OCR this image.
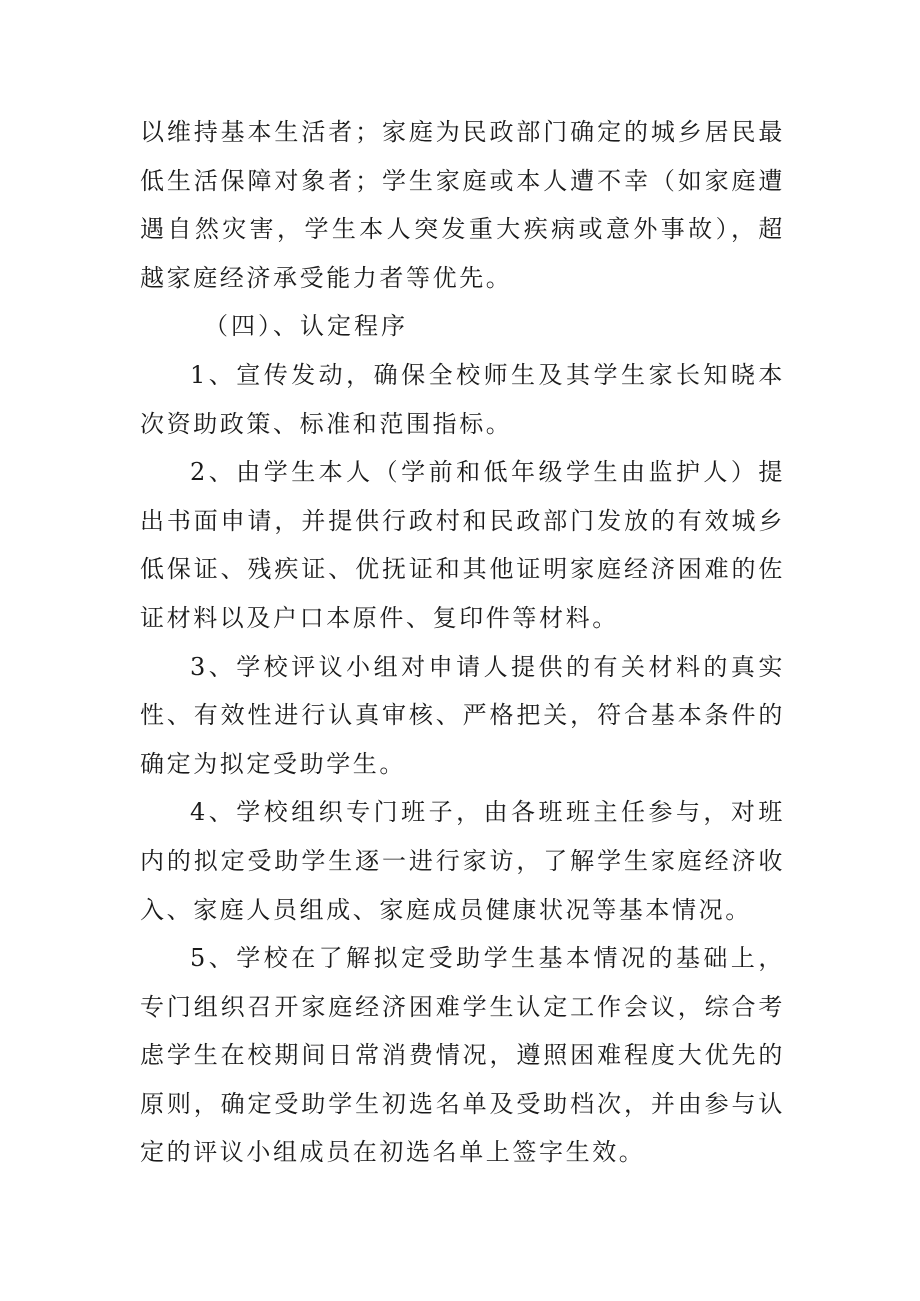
以维持基本生活者；家庭为民政部门确定的城乡居民最低生活保障对象者；学生家庭或本人遭不幸（如家庭遭遇自然灾害，学生本人突发重大疾病或意外事故），超越家庭经济承受能力者等优先。

（四）、认定程序

1、宣传发动，确保全校师生及其学生家长知晓本次资助政策、标准和范围指标。

2、由学生本人（学前和低年级学生由监护人）提出书面申请，并提供行政村和民政部门发放的有效城乡低保证、残疾证、优抚证和其他证明家庭经济困难的佐证材料以及户口本原件、复印件等材料。

3、学校评议小组对申请人提供的有关材料的真实性、有效性进行认真审核、严格把关，符合基本条件的确定为拟定受助学生。

4、学校组织专门班子，由各班班主任参与，对班内的拟定受助学生逐一进行家访，了解学生家庭经济收入、家庭人员组成、家庭成员健康状况等基本情况。

5、学校在了解拟定受助学生基本情况的基础上，专门组织召开家庭经济困难学生认定工作会议，综合考虑学生在校期间日常消费情况，遵照困难程度大优先的原则，确定受助学生初选名单及受助档次，并由参与认定的评议小组成员在初选名单上签字生效。
